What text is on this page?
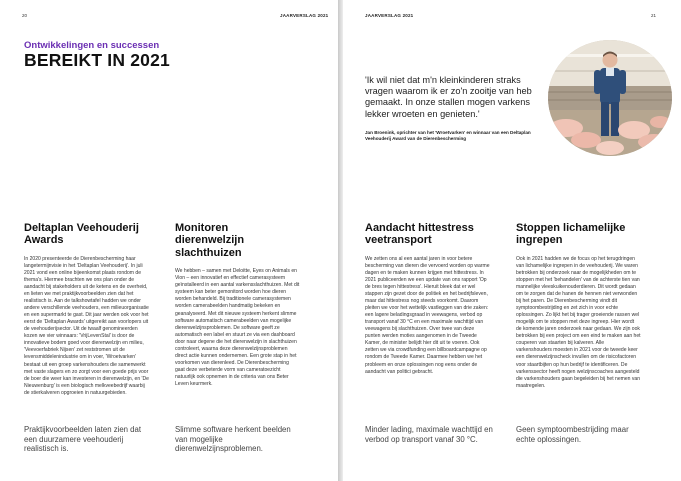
20	JAARVERSLAG 2021
Ontwikkelingen en successen
BEREIKT IN 2021
Deltaplan Veehouderij Awards

In 2020 presenteerde de Dierenbescherming haar langetermijnvisie in het 'Deltaplan Veehouderij'. In juli 2021 vond een online bijeenkomst plaats rondom de thema's. Hiermee brachten we ons plan onder de aandacht bij stakeholders uit de ketens en de overheid, en lieten we met praktijkvoorbeelden zien dat het realistisch is. Aan de talkshowtafel hadden we onder andere verschillende veehouders, een milieuorganisatie en een supermarkt te gast. Dit jaar werden ook voor het eerst de 'Deltaplan Awards' uitgereikt aan voorlopers uit de veehouderijsector. Uit de twaalf genomineerden kozen we vier winnaars: 'VrijLevenStal' is door de innovatieve bodem goed voor dierenwelzijn en milieu, 'Veevoerfabriek Nijsen' zet reststromen uit de levensmiddelenindustrie om in voer, 'Wroetvarken' bestaat uit een groep varkenshouders die samenwerkt met vaste slagers en zo zorgt voor een goede prijs voor de boer die weer kan investeren in dierenwelzijn, en 'De Nieuwenburg' is een biologisch melkveebedrijf waarbij de stierkalveren opgroeien in natuurgebieden.

Praktijkvoorbeelden laten zien dat een duurzamere veehouderij realistisch is.
Monitoren dierenwelzijn slachthuizen

We hebben – samen met Deloitte, Eyes on Animals en Vion – een innovatief en effectief camerasysteem geïnstalleerd in een aantal varkensslachthuizen. Met dit systeem kan beter gemonitord worden hoe dieren worden behandeld. Bij traditionele camerasystemen worden camerabeelden handmatig bekeken en geanalyseerd. Met dit nieuwe systeem herkent slimme software automatisch camerabeelden van mogelijke dierenwelzijnsproblemen. De software geeft ze automatisch een label en stuurt ze via een dashboard door naar degene die het dierenwelzijn in slachthuizen controleert, waarna deze dierenwelzijnsproblemen direct actie kunnen ondernemen. Een grote stap in het voorkomen van dierenleed. De Dierenbescherming gaat deze verbeterde vorm van cameratoezicht natuurlijk ook opnemen in de criteria van ons Beter Leven keurmerk.

Slimme software herkent beelden van mogelijke dierenwelzijnsproblemen.
JAARVERSLAG 2021	21
'Ik wil niet dat m'n kleinkinderen straks vragen waarom ik er zo'n zooitje van heb gemaakt. In onze stallen mogen varkens lekker wroeten en genieten.'
Jan Broenink, oprichter van het 'Wroetvarken' en winnaar van een Deltaplan Veehouderij Award van de Dierenbescherming
Aandacht hittestress veetransport

We zetten ons al een aantal jaren in voor betere bescherming van dieren die vervoerd worden op warme dagen en te maken kunnen krijgen met hittestress. In 2021 publiceerden we een update van ons rapport 'Op de bres tegen hittestress'. Hieruit bleek dat er wel stappen zijn gezet door de politiek en het bedrijfsleven, maar dat hittestress nog steeds voorkomt. Daarom pleiten we voor het wettelijk vastleggen van drie zaken: een lagere beladingsgraad in veewagens, verbod op transport vanaf 30 °C en een maximale wachttijd van veewagens bij slachthuizen. Over twee van deze punten werden moties aangenomen in de Tweede Kamer, de minister belijdt hier dit uit te voeren. Ook zetten we via crowdfunding een billboardcampagne op rondom de Tweede Kamer. Daarmee hebben we het probleem en onze oplossingen nog eens onder de aandacht van politici gebracht.

Minder lading, maximale wachttijd en verbod op transport vanaf 30 °C.
Stoppen lichamelijke ingrepen

Ook in 2021 hadden we de focus op het terugdringen van lichamelijke ingrepen in de veehouderij. We waren betrokken bij onderzoek naar de mogelijkheden om te stoppen met het 'behandelen' van de achterste tien van mannelijke vleeskuikenouderdieren. Dit wordt gedaan om te zorgen dat de hanen de hennen niet verwonden bij het paren. De Dierenbescherming vindt dit symptoombestrijding en zet zich in voor echte oplossingen. Zo lijkt het bij trager groeiende rassen wel mogelijk om te stoppen met deze ingreep. Hier wordt de komende jaren onderzoek naar gedaan. We zijn ook betrokken bij een project om een eind te maken aan het couperen van staarten bij kalveren. Alle varkenshouders moesten in 2021 voor de tweede keer een dierenwelzijnscheck invullen om de risicofactoren voor staartbijten op hun bedrijf te identificeren. De varkenssector heeft nogen welzijnscoaches aangesteld die varkenshouders gaan begeleiden bij het nemen van maatregelen.

Geen symptoombestrijding maar echte oplossingen.
